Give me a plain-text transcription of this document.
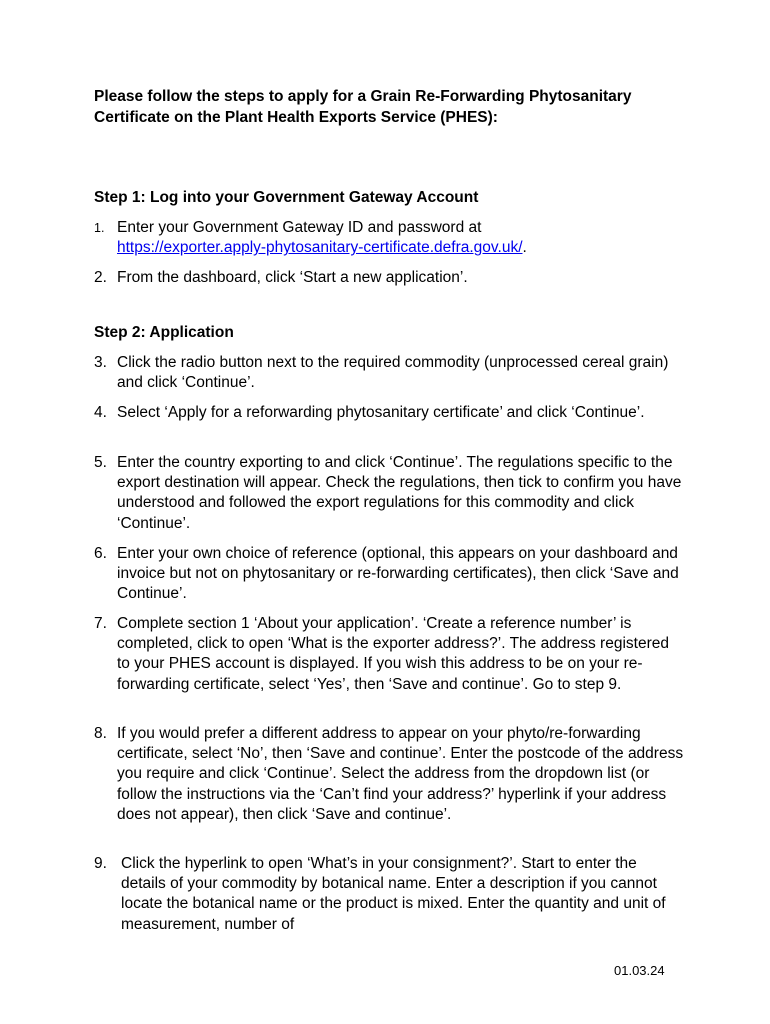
Please follow the steps to apply for a Grain Re-Forwarding Phytosanitary Certificate on the Plant Health Exports Service (PHES):
Step 1: Log into your Government Gateway Account
1. Enter your Government Gateway ID and password at
https://exporter.apply-phytosanitary-certificate.defra.gov.uk/.
2. From the dashboard, click ‘Start a new application’.
Step 2: Application
3. Click the radio button next to the required commodity (unprocessed cereal grain) and click ‘Continue’.
4. Select ‘Apply for a reforwarding phytosanitary certificate’ and click ‘Continue’.
5. Enter the country exporting to and click ‘Continue’. The regulations specific to the export destination will appear. Check the regulations, then tick to confirm you have understood and followed the export regulations for this commodity and click ‘Continue’.
6. Enter your own choice of reference (optional, this appears on your dashboard and invoice but not on phytosanitary or re-forwarding certificates), then click ‘Save and Continue’.
7. Complete section 1 ‘About your application’. ‘Create a reference number’ is completed, click to open ‘What is the exporter address?’. The address registered to your PHES account is displayed. If you wish this address to be on your re-forwarding certificate, select ‘Yes’, then ‘Save and continue’. Go to step 9.
8. If you would prefer a different address to appear on your phyto/re-forwarding certificate, select ‘No’, then ‘Save and continue’. Enter the postcode of the address you require and click ‘Continue’. Select the address from the dropdown list (or follow the instructions via the ‘Can’t find your address?’ hyperlink if your address does not appear), then click ‘Save and continue’.
9. Click the hyperlink to open ‘What’s in your consignment?’. Start to enter the details of your commodity by botanical name. Enter a description if you cannot locate the botanical name or the product is mixed. Enter the quantity and unit of measurement, number of
01.03.24
